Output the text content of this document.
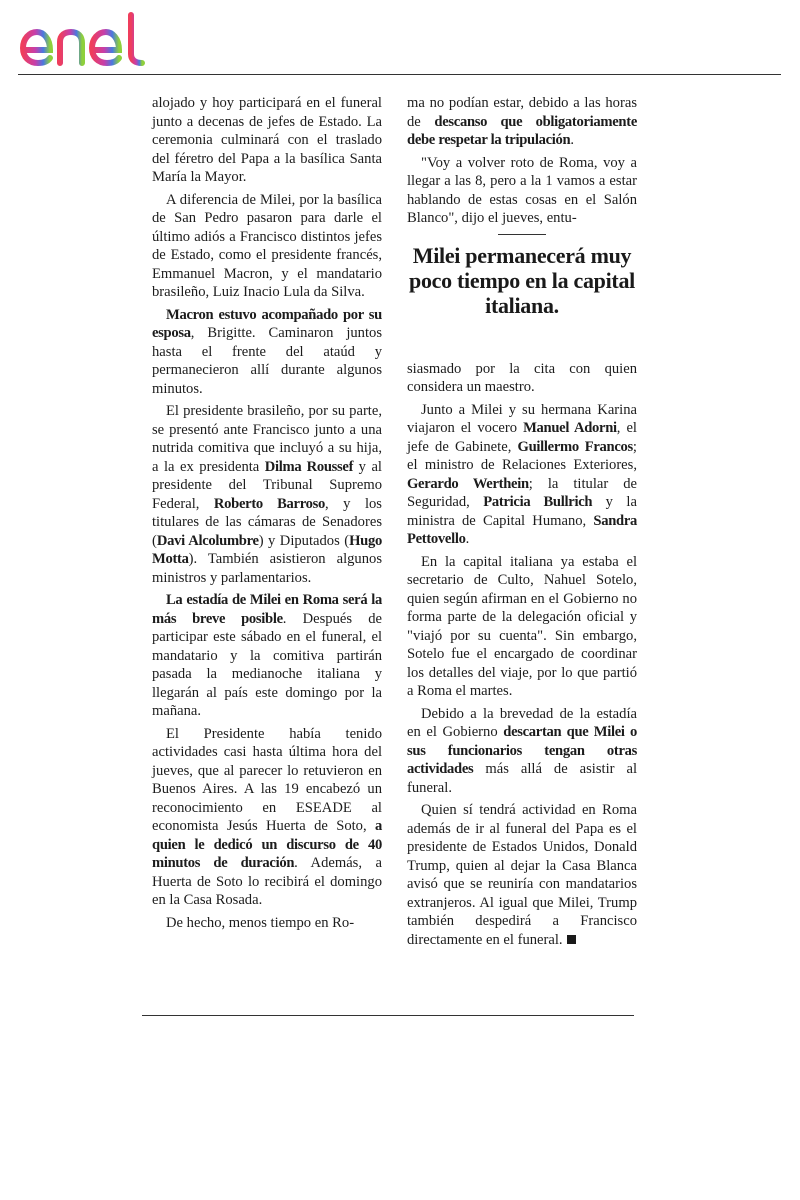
alojado y hoy participará en el funeral junto a decenas de jefes de Estado. La ceremonia culminará con el traslado del féretro del Papa a la basílica Santa María la Mayor.

A diferencia de Milei, por la basílica de San Pedro pasaron para darle el último adiós a Francisco distintos jefes de Estado, como el presidente francés, Emmanuel Macron, y el mandatario brasileño, Luiz Inacio Lula da Silva.

Macron estuvo acompañado por su esposa, Brigitte. Caminaron juntos hasta el frente del ataúd y permanecieron allí durante algunos minutos.

El presidente brasileño, por su parte, se presentó ante Francisco junto a una nutrida comitiva que incluyó a su hija, a la ex presidenta Dilma Roussef y al presidente del Tribunal Supremo Federal, Roberto Barroso, y los titulares de las cámaras de Senadores (Davi Alcolumbre) y Diputados (Hugo Motta). También asistieron algunos ministros y parlamentarios.

La estadía de Milei en Roma será la más breve posible. Después de participar este sábado en el funeral, el mandatario y la comitiva partirán pasada la medianoche italiana y llegarán al país este domingo por la mañana.

El Presidente había tenido actividades casi hasta última hora del jueves, que al parecer lo retuvieron en Buenos Aires. A las 19 encabezó un reconocimiento en ESEADE al economista Jesús Huerta de Soto, a quien le dedicó un discurso de 40 minutos de duración. Además, a Huerta de Soto lo recibirá el domingo en la Casa Rosada.

De hecho, menos tiempo en Ro-

ma no podían estar, debido a las horas de descanso que obligatoriamente debe respetar la tripulación.

"Voy a volver roto de Roma, voy a llegar a las 8, pero a la 1 vamos a estar hablando de estas cosas en el Salón Blanco", dijo el jueves, entu-

Milei permanecerá muy poco tiempo en la capital italiana.

siasmado por la cita con quien considera un maestro.

Junto a Milei y su hermana Karina viajaron el vocero Manuel Adorni, el jefe de Gabinete, Guillermo Francos; el ministro de Relaciones Exteriores, Gerardo Werthein; la titular de Seguridad, Patricia Bullrich y la ministra de Capital Humano, Sandra Pettovello.

En la capital italiana ya estaba el secretario de Culto, Nahuel Sotelo, quien según afirman en el Gobierno no forma parte de la delegación oficial y "viajó por su cuenta". Sin embargo, Sotelo fue el encargado de coordinar los detalles del viaje, por lo que partió a Roma el martes.

Debido a la brevedad de la estadía en el Gobierno descartan que Milei o sus funcionarios tengan otras actividades más allá de asistir al funeral.

Quien sí tendrá actividad en Roma además de ir al funeral del Papa es el presidente de Estados Unidos, Donald Trump, quien al dejar la Casa Blanca avisó que se reuniría con mandatarios extranjeros. Al igual que Milei, Trump también despedirá a Francisco directamente en el funeral.
